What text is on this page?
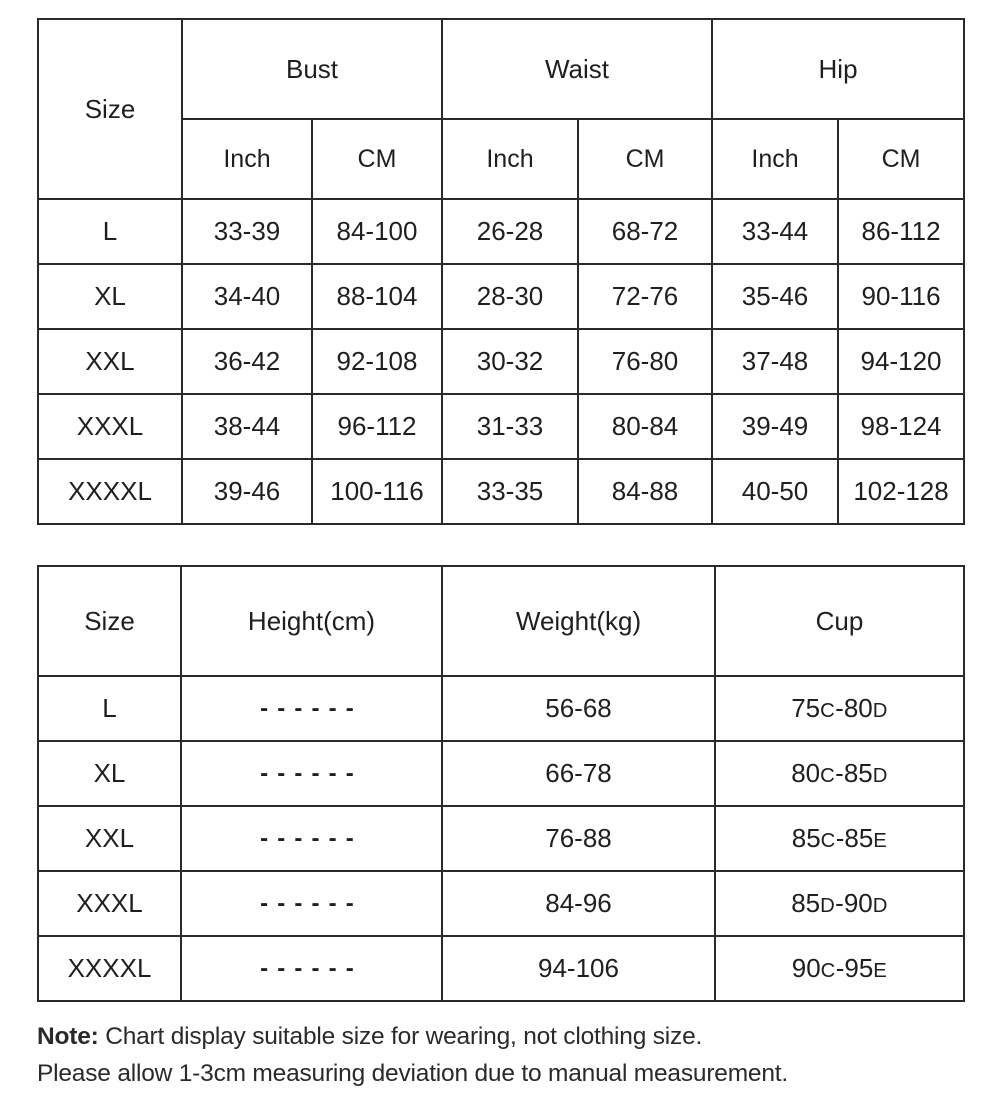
Size	Bust		Waist		Hip	
	Inch	CM	Inch	CM	Inch	CM
L	33-39	84-100	26-28	68-72	33-44	86-112
XL	34-40	88-104	28-30	72-76	35-46	90-116
XXL	36-42	92-108	30-32	76-80	37-48	94-120
XXXL	38-44	96-112	31-33	80-84	39-49	98-124
XXXXL	39-46	100-116	33-35	84-88	40-50	102-128
Size	Height(cm)	Weight(kg)	Cup
L	------	56-68	75C-80D
XL	------	66-78	80C-85D
XXL	------	76-88	85C-85E
XXXL	------	84-96	85D-90D
XXXXL	------	94-106	90C-95E

Note: Chart display suitable size for wearing, not clothing size.

Please allow 1-3cm measuring deviation due to manual measurement.
